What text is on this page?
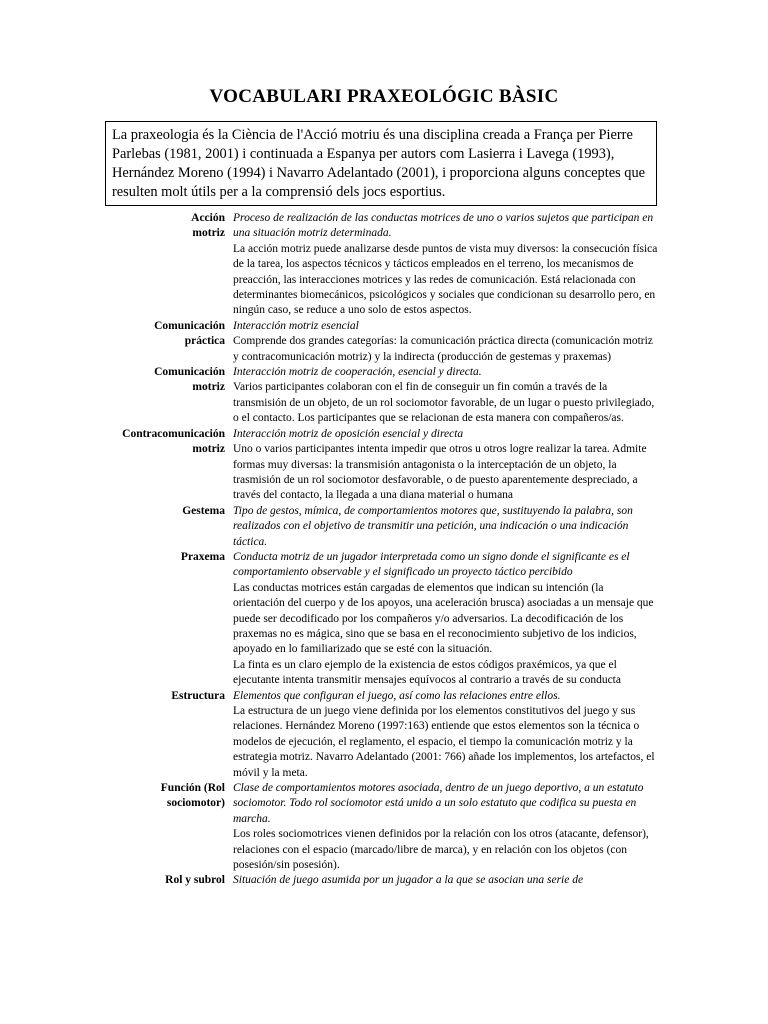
VOCABULARI PRAXEOLÓGIC BÀSIC
La praxeologia és la Ciència de l'Acció motriu és una disciplina creada a França per Pierre Parlebas (1981, 2001) i continuada a Espanya per autors com Lasierra i Lavega (1993), Hernández Moreno (1994) i Navarro Adelantado (2001), i proporciona alguns conceptes que resulten molt útils per a la comprensió dels jocs esportius.
Acción
motriz

Proceso de realización de las conductas motrices de uno o varios sujetos que participan en una situación motriz determinada.

La acción motriz puede analizarse desde puntos de vista muy diversos: la consecución física de la tarea, los aspectos técnicos y tácticos empleados en el terreno, los mecanismos de preacción, las interacciones motrices y las redes de comunicación. Está relacionada con determinantes biomecánicos, psicológicos y sociales que condicionan su desarrollo pero, en ningún caso, se reduce a uno solo de estos aspectos.

Comunicación
práctica

Interacción motriz esencial

Comprende dos grandes categorías: la comunicación práctica directa (comunicación motriz y contracomunicación motriz) y la indirecta (producción de gestemas y praxemas)

Comunicación
motriz

Interacción motriz de cooperación, esencial y directa.

Varios participantes colaboran con el fin de conseguir un fin común a través de la transmisión de un objeto, de un rol sociomotor favorable, de un lugar o puesto privilegiado, o el contacto. Los participantes que se relacionan de esta manera con compañeros/as.

Contracomunicación
motriz

Interacción motriz de oposición esencial y directa

Uno o varios participantes intenta impedir que otros u otros logre realizar la tarea. Admite formas muy diversas: la transmisión antagonista o la interceptación de un objeto, la trasmisión de un rol sociomotor desfavorable, o de puesto aparentemente despreciado, a través del contacto, la llegada a una diana material o humana

Gestema Tipo de gestos, mímica, de comportamientos motores que, sustituyendo la palabra, son realizados con el objetivo de transmitir una petición, una indicación o una indicación táctica.

Praxema Conducta motriz de un jugador interpretada como un signo donde el significante es el comportamiento observable y el significado un proyecto táctico percibido

Las conductas motrices están cargadas de elementos que indican su intención (la orientación del cuerpo y de los apoyos, una aceleración brusca) asociadas a un mensaje que puede ser decodificado por los compañeros y/o adversarios. La decodificación de los praxemas no es mágica, sino que se basa en el reconocimiento subjetivo de los indicios, apoyado en lo familiarizado que se esté con la situación.

La finta es un claro ejemplo de la existencia de estos códigos praxémicos, ya que el ejecutante intenta transmitir mensajes equívocos al contrario a través de su conducta

Estructura Elementos que configuran el juego, así como las relaciones entre ellos.

La estructura de un juego viene definida por los elementos constitutivos del juego y sus relaciones. Hernández Moreno (1997:163) entiende que estos elementos son la técnica o modelos de ejecución, el reglamento, el espacio, el tiempo la comunicación motriz y la estrategia motriz. Navarro Adelantado (2001: 766) añade los implementos, los artefactos, el móvil y la meta.

Función (Rol
sociomotor)

Clase de comportamientos motores asociada, dentro de un juego deportivo, a un estatuto sociomotor. Todo rol sociomotor está unido a un solo estatuto que codifica su puesta en marcha.

Los roles sociomotrices vienen definidos por la relación con los otros (atacante, defensor), relaciones con el espacio (marcado/libre de marca), y en relación con los objetos (con posesión/sin posesión).

Rol y subrol Situación de juego asumida por un jugador a la que se asocian una serie de
